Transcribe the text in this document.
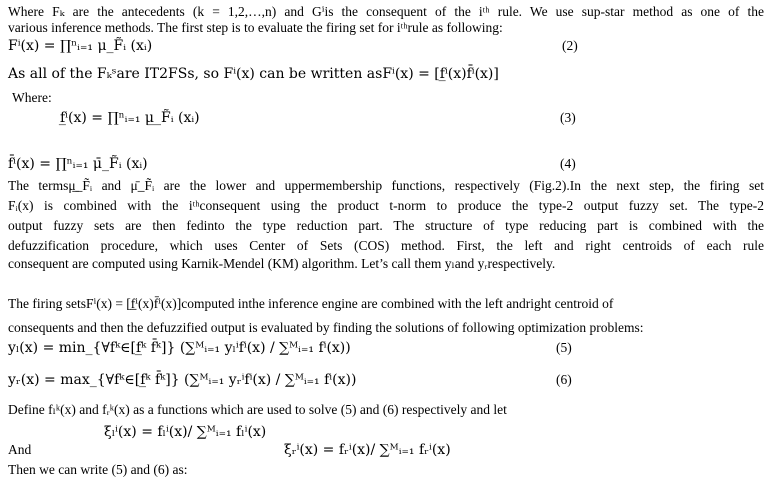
Where Fₖ are the antecedents (k = 1,2,…,n) and Gⁱis the consequent of the iᵗʰ rule. We use sup-star method as one of the
various inference methods. The first step is to evaluate the firing set for iᵗʰrule as following:
Fⁱ(x) = ∏ⁿᵢ₌₁ μ_F̃ᵢ (xᵢ)	(2)
As all of the Fₖˢare IT2FSs, so Fⁱ(x) can be written asFⁱ(x) = [f̲ⁱ(x)f̄ⁱ(x)]
Where:
f̲ⁱ(x) = ∏ⁿᵢ₌₁ μ̲_F̃ᵢ (xᵢ)	(3)
f̄ⁱ(x) = ∏ⁿᵢ₌₁ μ̄_F̃ᵢ (xᵢ)	(4)
The termsμ̲_F̃ᵢ and μ̄_F̃ᵢ are the lower and uppermembership functions, respectively (Fig.2).In the next step, the firing set
Fᵢ(x) is combined with the iᵗʰconsequent using the product t-norm to produce the type-2 output fuzzy set. The type-2
output fuzzy sets are then fedinto the type reduction part. The structure of type reducing part is combined with the
defuzzification procedure, which uses Center of Sets (COS) method. First, the left and right centroids of each rule
consequent are computed using Karnik-Mendel (KM) algorithm. Let’s call them yₗand yᵣrespectively.
The firing setsFⁱ(x) = [f̲ⁱ(x)f̄ⁱ(x)]computed inthe inference engine are combined with the left andright centroid of
consequents and then the defuzzified output is evaluated by finding the solutions of following optimization problems:
yₗ(x) = min_{∀fᵏ∈[f̲ᵏ f̄ᵏ]} (∑ᴹᵢ₌₁ yₗⁱfⁱ(x) / ∑ᴹᵢ₌₁ fⁱ(x))	(5)
yᵣ(x) = max_{∀fᵏ∈[f̲ᵏ f̄ᵏ]} (∑ᴹᵢ₌₁ yᵣⁱfⁱ(x) / ∑ᴹᵢ₌₁ fⁱ(x))	(6)
Define fₗᵏ(x) and fᵣᵏ(x) as a functions which are used to solve (5) and (6) respectively and let
ξₗⁱ(x) = fₗⁱ(x)/ ∑ᴹᵢ₌₁ fₗⁱ(x)
And	ξᵣⁱ(x) = fᵣⁱ(x)/ ∑ᴹᵢ₌₁ fᵣⁱ(x)
Then we can write (5) and (6) as:
